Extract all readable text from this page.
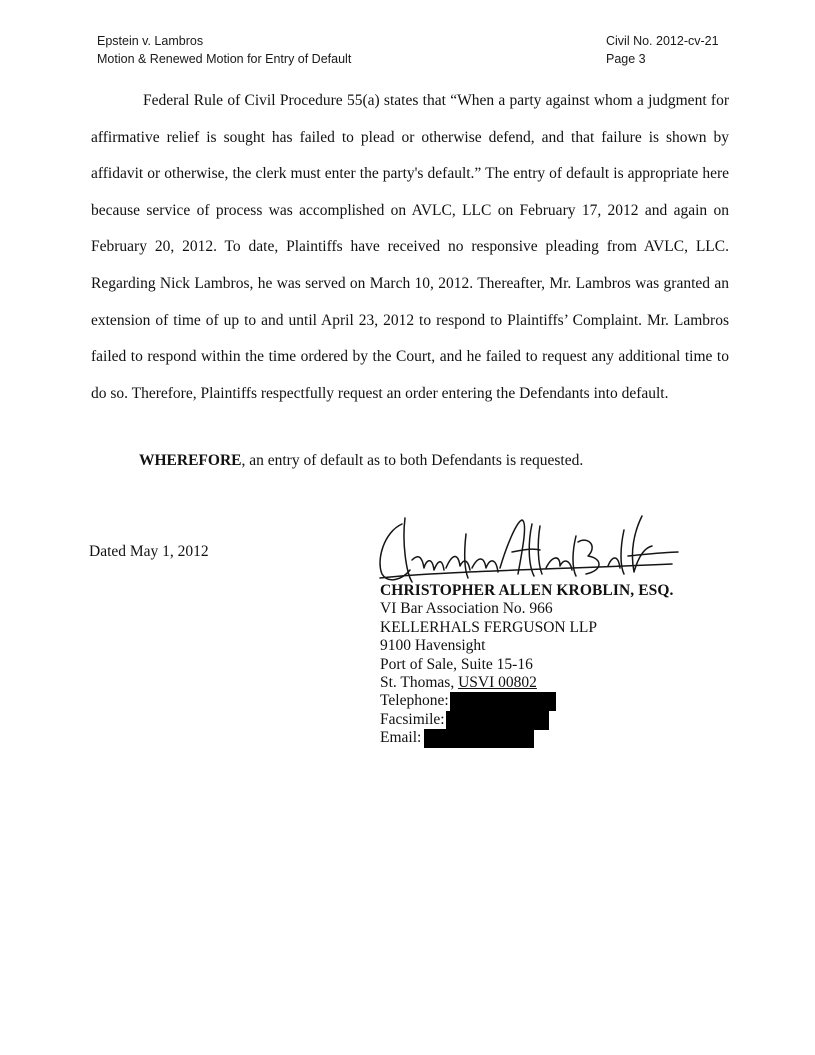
Epstein v. Lambros
Motion & Renewed Motion for Entry of Default
Civil No. 2012-cv-21
Page 3

Federal Rule of Civil Procedure 55(a) states that “When a party against whom a judgment for affirmative relief is sought has failed to plead or otherwise defend, and that failure is shown by affidavit or otherwise, the clerk must enter the party's default.” The entry of default is appropriate here because service of process was accomplished on AVLC, LLC on February 17, 2012 and again on February 20, 2012. To date, Plaintiffs have received no responsive pleading from AVLC, LLC. Regarding Nick Lambros, he was served on March 10, 2012. Thereafter, Mr. Lambros was granted an extension of time of up to and until April 23, 2012 to respond to Plaintiffs’ Complaint. Mr. Lambros failed to respond within the time ordered by the Court, and he failed to request any additional time to do so. Therefore, Plaintiffs respectfully request an order entering the Defendants into default.

WHEREFORE, an entry of default as to both Defendants is requested.
Dated May 1, 2012
CHRISTOPHER ALLEN KROBLIN, ESQ.
VI Bar Association No. 966
KELLERHALS FERGUSON LLP
9100 Havensight
Port of Sale, Suite 15-16
St. Thomas, USVI 00802
Telephone:
Facsimile:
Email:
